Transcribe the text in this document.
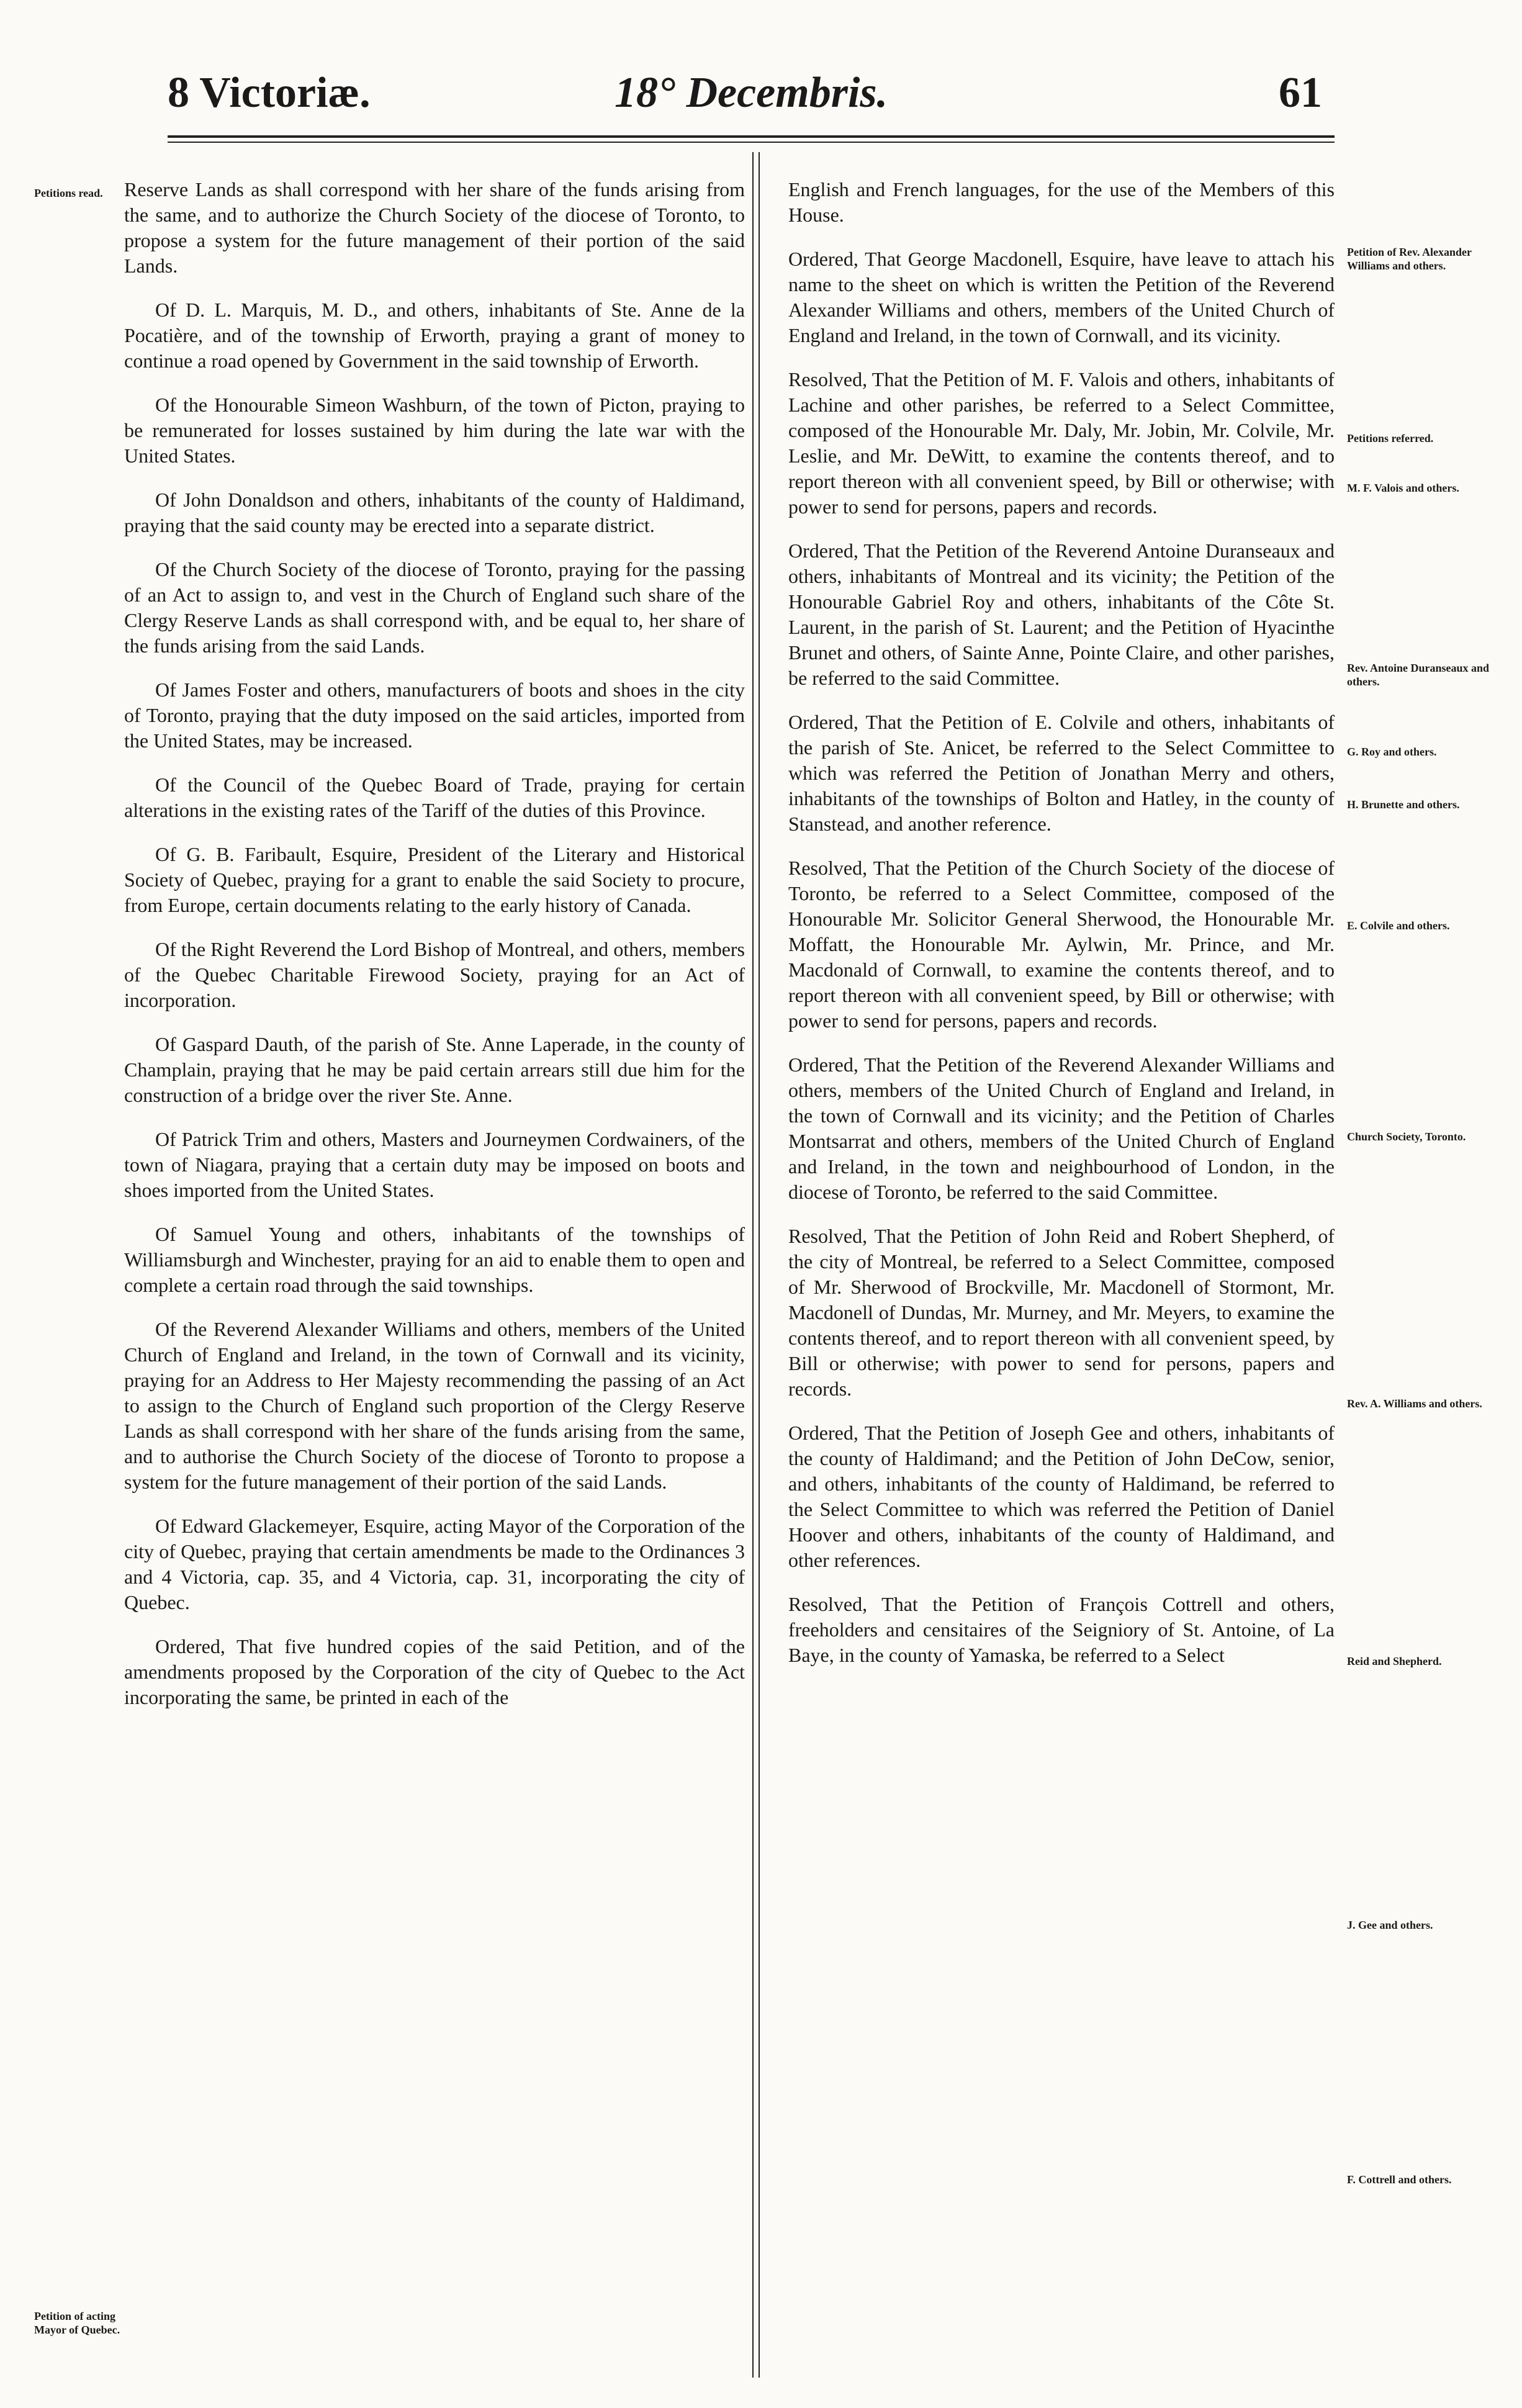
8 Victoriæ.	18° Decembris.	61
Petitions read.
Petition of acting Mayor of Quebec.

Reserve Lands as shall correspond with her share of the funds arising from the same, and to authorize the Church Society of the diocese of Toronto, to propose a system for the future management of their portion of the said Lands.

Of D. L. Marquis, M. D., and others, inhabitants of Ste. Anne de la Pocatière, and of the township of Erworth, praying a grant of money to continue a road opened by Government in the said township of Erworth.

Of the Honourable Simeon Washburn, of the town of Picton, praying to be remunerated for losses sustained by him during the late war with the United States.

Of John Donaldson and others, inhabitants of the county of Haldimand, praying that the said county may be erected into a separate district.

Of the Church Society of the diocese of Toronto, praying for the passing of an Act to assign to, and vest in the Church of England such share of the Clergy Reserve Lands as shall correspond with, and be equal to, her share of the funds arising from the said Lands.

Of James Foster and others, manufacturers of boots and shoes in the city of Toronto, praying that the duty imposed on the said articles, imported from the United States, may be increased.

Of the Council of the Quebec Board of Trade, praying for certain alterations in the existing rates of the Tariff of the duties of this Province.

Of G. B. Faribault, Esquire, President of the Literary and Historical Society of Quebec, praying for a grant to enable the said Society to procure, from Europe, certain documents relating to the early history of Canada.

Of the Right Reverend the Lord Bishop of Montreal, and others, members of the Quebec Charitable Firewood Society, praying for an Act of incorporation.

Of Gaspard Dauth, of the parish of Ste. Anne Laperade, in the county of Champlain, praying that he may be paid certain arrears still due him for the construction of a bridge over the river Ste. Anne.

Of Patrick Trim and others, Masters and Journeymen Cordwainers, of the town of Niagara, praying that a certain duty may be imposed on boots and shoes imported from the United States.

Of Samuel Young and others, inhabitants of the townships of Williamsburgh and Winchester, praying for an aid to enable them to open and complete a certain road through the said townships.

Of the Reverend Alexander Williams and others, members of the United Church of England and Ireland, in the town of Cornwall and its vicinity, praying for an Address to Her Majesty recommending the passing of an Act to assign to the Church of England such proportion of the Clergy Reserve Lands as shall correspond with her share of the funds arising from the same, and to authorise the Church Society of the diocese of Toronto to propose a system for the future management of their portion of the said Lands.

Of Edward Glackemeyer, Esquire, acting Mayor of the Corporation of the city of Quebec, praying that certain amendments be made to the Ordinances 3 and 4 Victoria, cap. 35, and 4 Victoria, cap. 31, incorporating the city of Quebec.

Ordered, That five hundred copies of the said Petition, and of the amendments proposed by the Corporation of the city of Quebec to the Act incorporating the same, be printed in each of the

English and French languages, for the use of the Members of this House.

Ordered, That George Macdonell, Esquire, have leave to attach his name to the sheet on which is written the Petition of the Reverend Alexander Williams and others, members of the United Church of England and Ireland, in the town of Cornwall, and its vicinity.

Resolved, That the Petition of M. F. Valois and others, inhabitants of Lachine and other parishes, be referred to a Select Committee, composed of the Honourable Mr. Daly, Mr. Jobin, Mr. Colvile, Mr. Leslie, and Mr. DeWitt, to examine the contents thereof, and to report thereon with all convenient speed, by Bill or otherwise; with power to send for persons, papers and records.

Ordered, That the Petition of the Reverend Antoine Duranseaux and others, inhabitants of Montreal and its vicinity; the Petition of the Honourable Gabriel Roy and others, inhabitants of the Côte St. Laurent, in the parish of St. Laurent; and the Petition of Hyacinthe Brunet and others, of Sainte Anne, Pointe Claire, and other parishes, be referred to the said Committee.

Ordered, That the Petition of E. Colvile and others, inhabitants of the parish of Ste. Anicet, be referred to the Select Committee to which was referred the Petition of Jonathan Merry and others, inhabitants of the townships of Bolton and Hatley, in the county of Stanstead, and another reference.

Resolved, That the Petition of the Church Society of the diocese of Toronto, be referred to a Select Committee, composed of the Honourable Mr. Solicitor General Sherwood, the Honourable Mr. Moffatt, the Honourable Mr. Aylwin, Mr. Prince, and Mr. Macdonald of Cornwall, to examine the contents thereof, and to report thereon with all convenient speed, by Bill or otherwise; with power to send for persons, papers and records.

Ordered, That the Petition of the Reverend Alexander Williams and others, members of the United Church of England and Ireland, in the town of Cornwall and its vicinity; and the Petition of Charles Montsarrat and others, members of the United Church of England and Ireland, in the town and neighbourhood of London, in the diocese of Toronto, be referred to the said Committee.

Resolved, That the Petition of John Reid and Robert Shepherd, of the city of Montreal, be referred to a Select Committee, composed of Mr. Sherwood of Brockville, Mr. Macdonell of Stormont, Mr. Macdonell of Dundas, Mr. Murney, and Mr. Meyers, to examine the contents thereof, and to report thereon with all convenient speed, by Bill or otherwise; with power to send for persons, papers and records.

Ordered, That the Petition of Joseph Gee and others, inhabitants of the county of Haldimand; and the Petition of John DeCow, senior, and others, inhabitants of the county of Haldimand, be referred to the Select Committee to which was referred the Petition of Daniel Hoover and others, inhabitants of the county of Haldimand, and other references.

Resolved, That the Petition of François Cottrell and others, freeholders and censitaires of the Seigniory of St. Antoine, of La Baye, in the county of Yamaska, be referred to a Select

Petition of Rev. Alexander Williams and others.
Petitions referred.
M. F. Valois and others.
Rev. Antoine Duranseaux and others.
G. Roy and others.
H. Brunette and others.
E. Colvile and others.
Church Society, Toronto.
Rev. A. Williams and others.
Reid and Shepherd.
J. Gee and others.
F. Cottrell and others.
